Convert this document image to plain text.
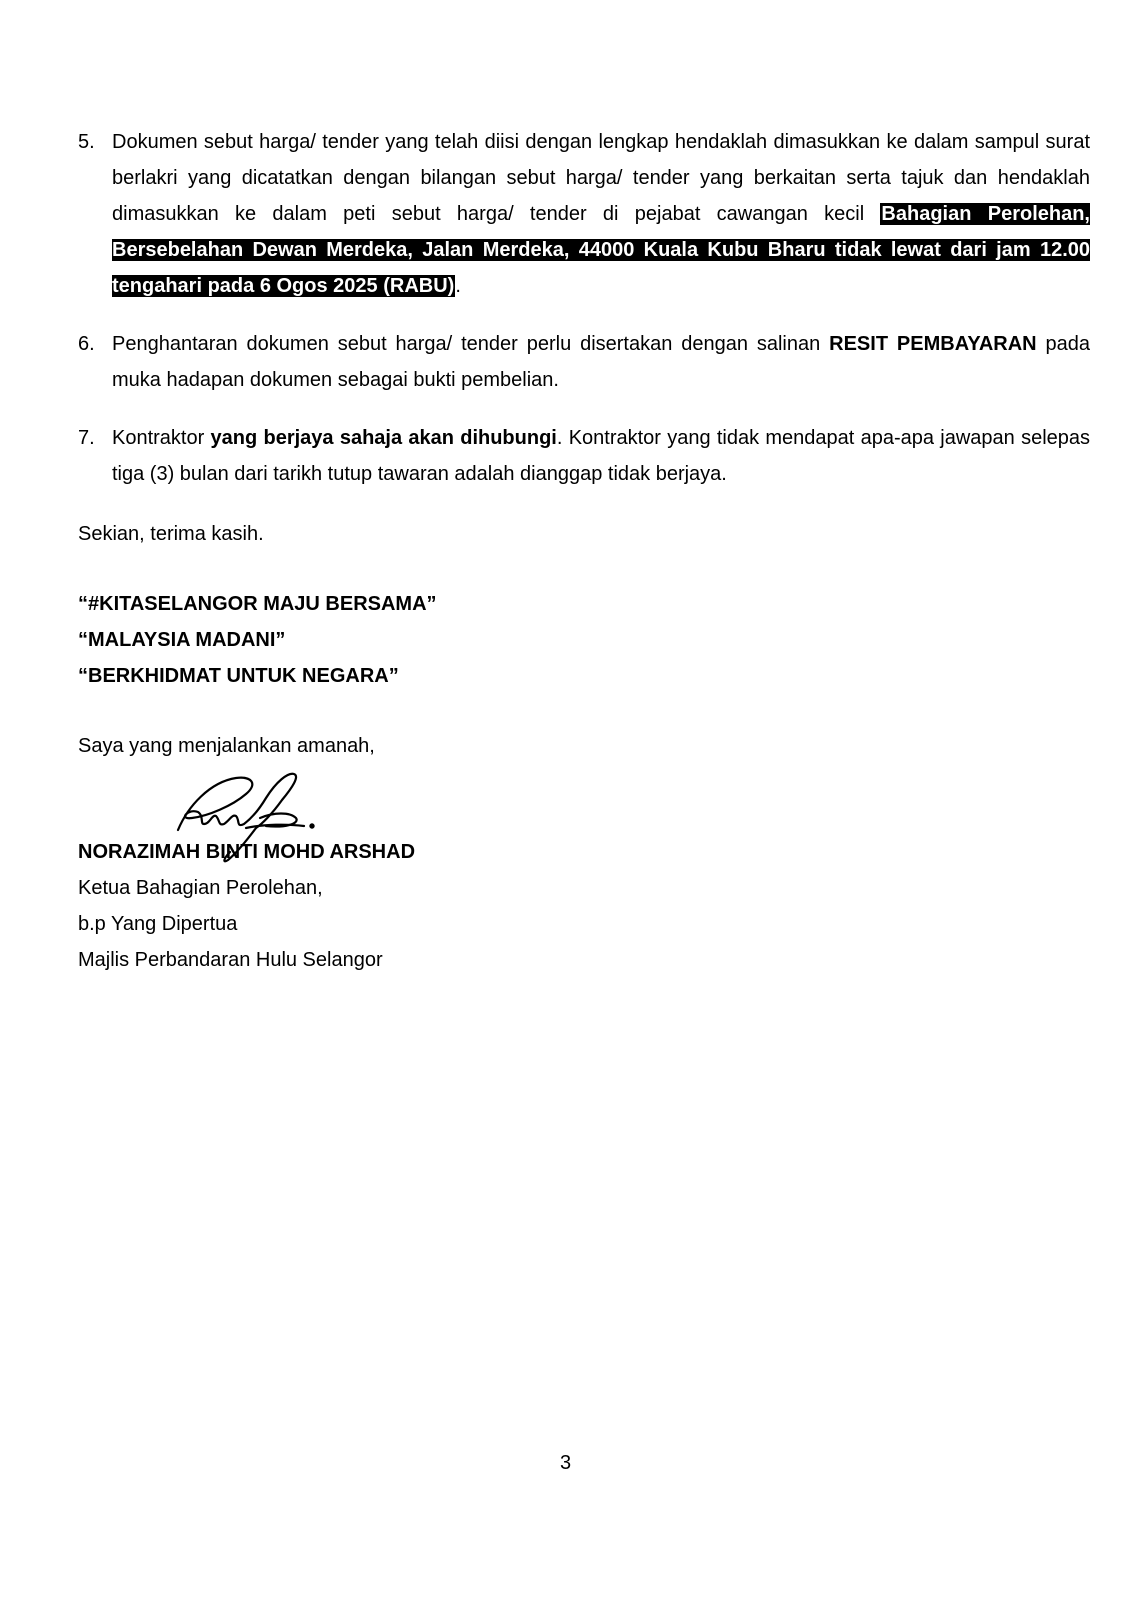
5. Dokumen sebut harga/ tender yang telah diisi dengan lengkap hendaklah dimasukkan ke dalam sampul surat berlakri yang dicatatkan dengan bilangan sebut harga/ tender yang berkaitan serta tajuk dan hendaklah dimasukkan ke dalam peti sebut harga/ tender di pejabat cawangan kecil Bahagian Perolehan, Bersebelahan Dewan Merdeka, Jalan Merdeka, 44000 Kuala Kubu Bharu tidak lewat dari jam 12.00 tengahari pada 6 Ogos 2025 (RABU).
6. Penghantaran dokumen sebut harga/ tender perlu disertakan dengan salinan RESIT PEMBAYARAN pada muka hadapan dokumen sebagai bukti pembelian.
7. Kontraktor yang berjaya sahaja akan dihubungi. Kontraktor yang tidak mendapat apa-apa jawapan selepas tiga (3) bulan dari tarikh tutup tawaran adalah dianggap tidak berjaya.
Sekian, terima kasih.
“#KITASELANGOR MAJU BERSAMA”
“MALAYSIA MADANI”
“BERKHIDMAT UNTUK NEGARA”
Saya yang menjalankan amanah,
NORAZIMAH BINTI MOHD ARSHAD
Ketua Bahagian Perolehan,
b.p Yang Dipertua
Majlis Perbandaran Hulu Selangor
3
